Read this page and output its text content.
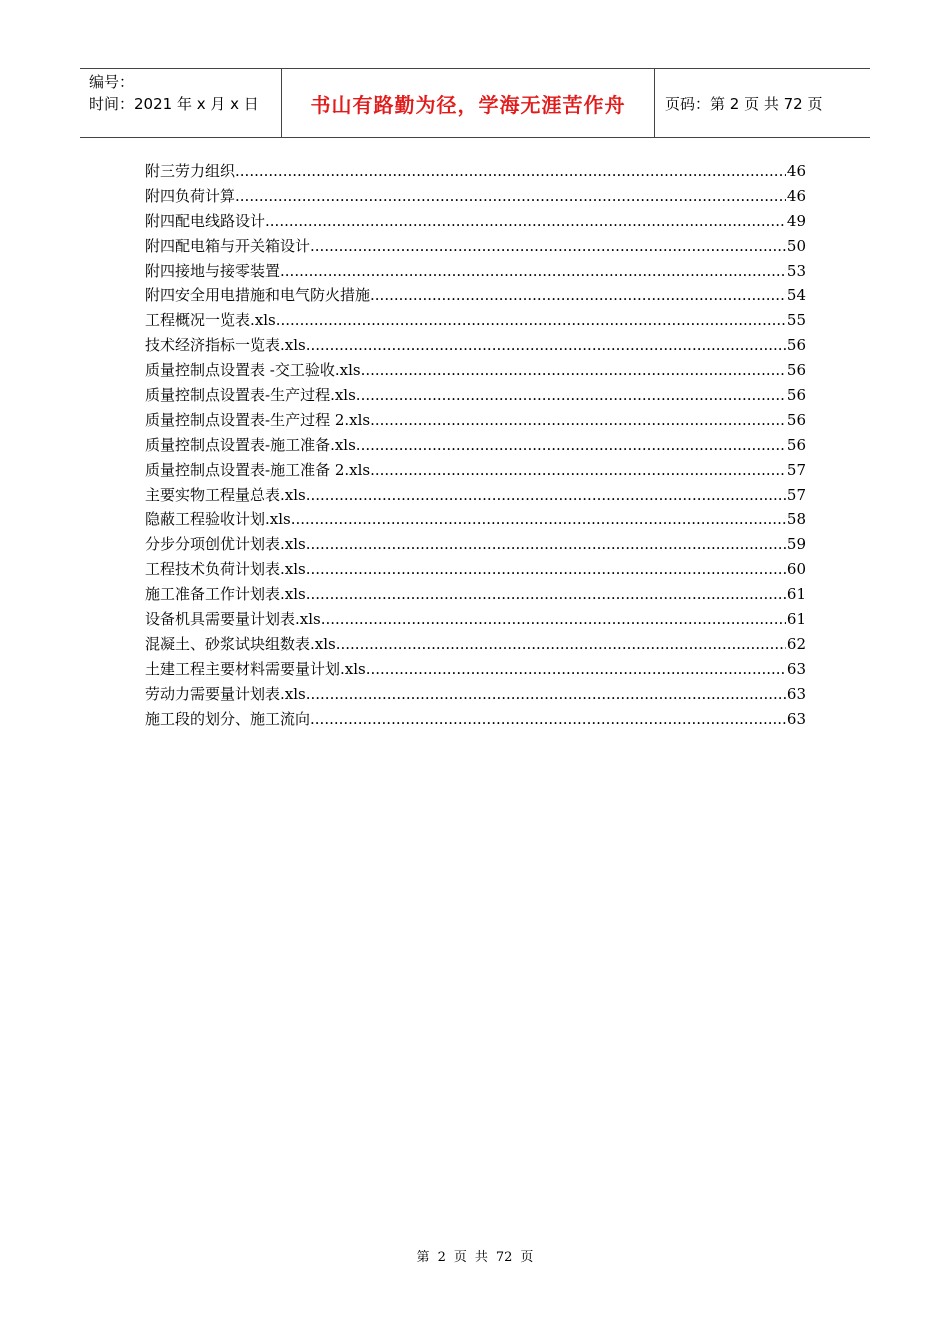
编号：
时间：2021 年 x 月 x 日	书山有路勤为径，学海无涯苦作舟	页码：第 2 页 共 72 页
附三劳力组织 .....	46
附四负荷计算 .....	46
附四配电线路设计 .....	49
附四配电箱与开关箱设计 .....	50
附四接地与接零装置 .....	53
附四安全用电措施和电气防火措施 .....	54
工程概况一览表.xls .....	55
技术经济指标一览表.xls .....	56
质量控制点设置表 -交工验收.xls .....	56
质量控制点设置表-生产过程.xls .....	56
质量控制点设置表-生产过程 2.xls .....	56
质量控制点设置表-施工准备.xls .....	56
质量控制点设置表-施工准备 2.xls .....	57
主要实物工程量总表.xls .....	57
隐蔽工程验收计划.xls .....	58
分步分项创优计划表.xls .....	59
工程技术负荷计划表.xls .....	60
施工准备工作计划表.xls .....	61
设备机具需要量计划表.xls .....	61
混凝土、砂浆试块组数表.xls .....	62
土建工程主要材料需要量计划.xls .....	63
劳动力需要量计划表.xls .....	63
施工段的划分、施工流向 .....	63
第 2 页 共 72 页
